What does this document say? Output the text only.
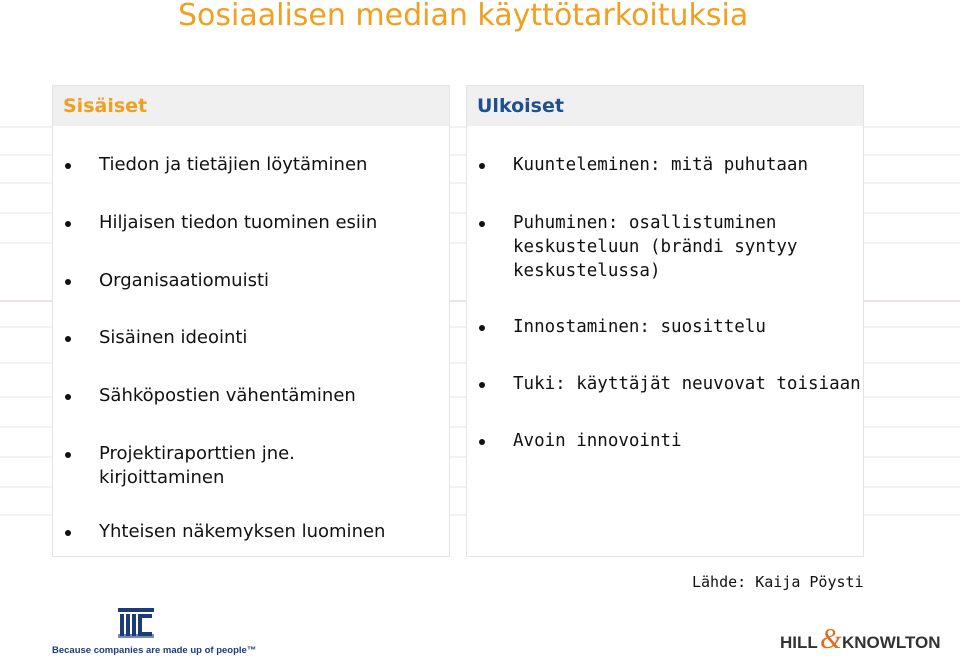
Sosiaalisen median käyttötarkoituksia
Sisäiset
Tiedon ja tietäjien löytäminen
Hiljaisen tiedon tuominen esiin
Organisaatiomuisti
Sisäinen ideointi
Sähköpostien vähentäminen
Projektiraporttien jne.
kirjoittaminen
Yhteisen näkemyksen luominen
Ulkoiset
Kuunteleminen: mitä puhutaan
Puhuminen: osallistuminen
keskusteluun (brändi syntyy
keskustelussa)
Innostaminen: suosittelu
Tuki: käyttäjät neuvovat toisiaan
Avoin innovointi
Lähde: Kaija Pöysti
Because companies are made up of people™	HILL & KNOWLTON
